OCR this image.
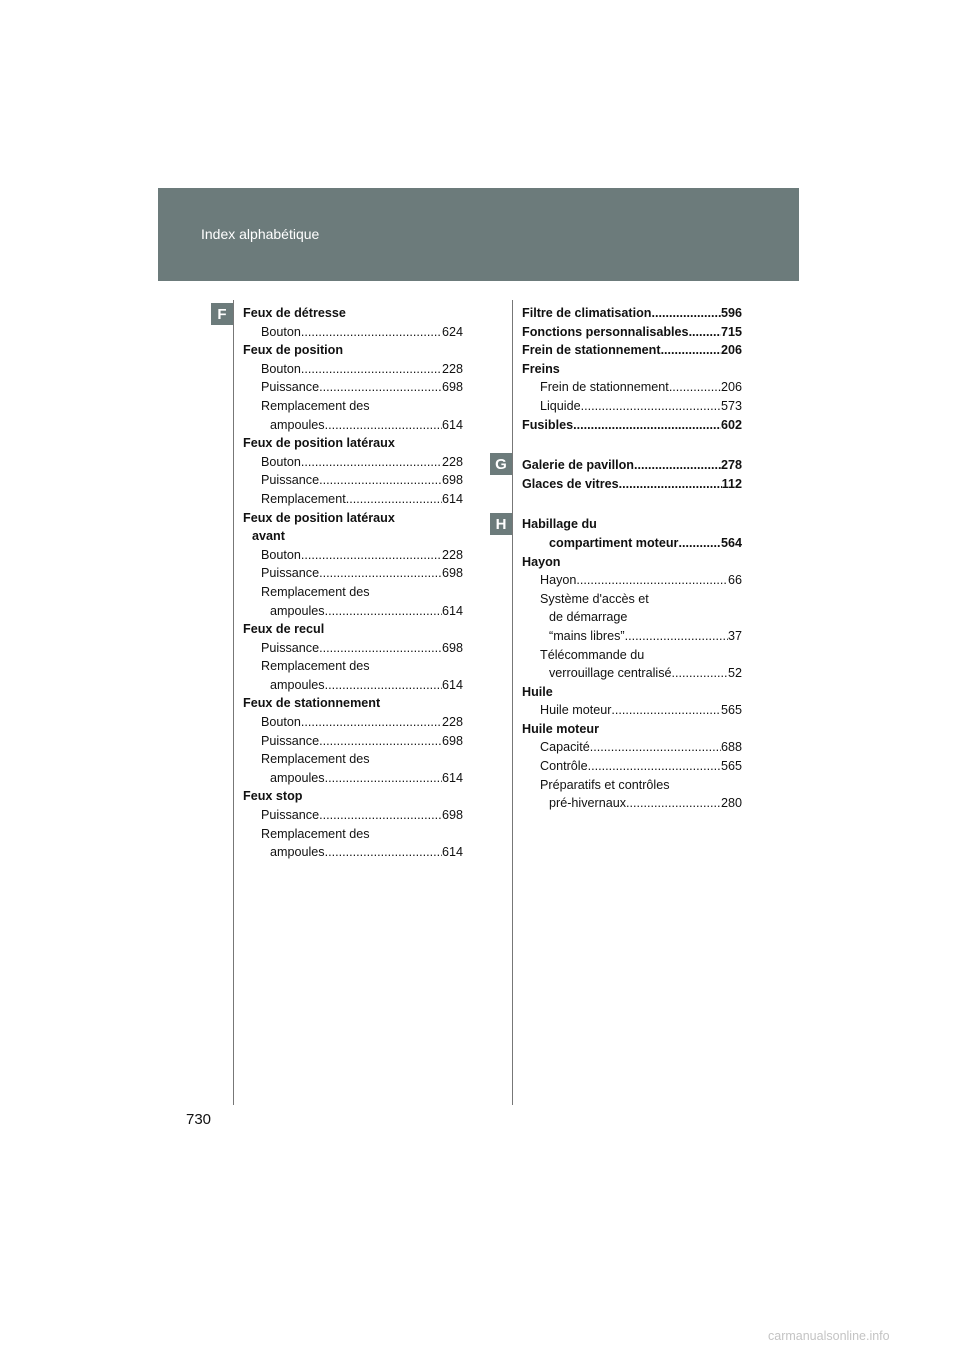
Index alphabétique
F
G
H
Feux de détresse
Bouton .....	624
Feux de position
Bouton .....	228
Puissance .....	698
Remplacement des
ampoules .....	614
Feux de position latéraux
Bouton .....	228
Puissance .....	698
Remplacement .....	614
Feux de position latéraux
avant
Bouton .....	228
Puissance .....	698
Remplacement des
ampoules .....	614
Feux de recul
Puissance .....	698
Remplacement des
ampoules .....	614
Feux de stationnement
Bouton .....	228
Puissance .....	698
Remplacement des
ampoules .....	614
Feux stop
Puissance .....	698
Remplacement des
ampoules .....	614
Filtre de climatisation .....	596
Fonctions personnalisables .....	715
Frein de stationnement .....	206
Freins
Frein de stationnement .....	206
Liquide .....	573
Fusibles .....	602
Galerie de pavillon .....	278
Glaces de vitres .....	112
Habillage du
compartiment moteur .....	564
Hayon
Hayon .....	66
Système d'accès et
de démarrage
“mains libres” .....	37
Télécommande du
verrouillage centralisé .....	52
Huile
Huile moteur .....	565
Huile moteur
Capacité .....	688
Contrôle .....	565
Préparatifs et contrôles
pré-hivernaux .....	280
730
carmanualsonline.info
